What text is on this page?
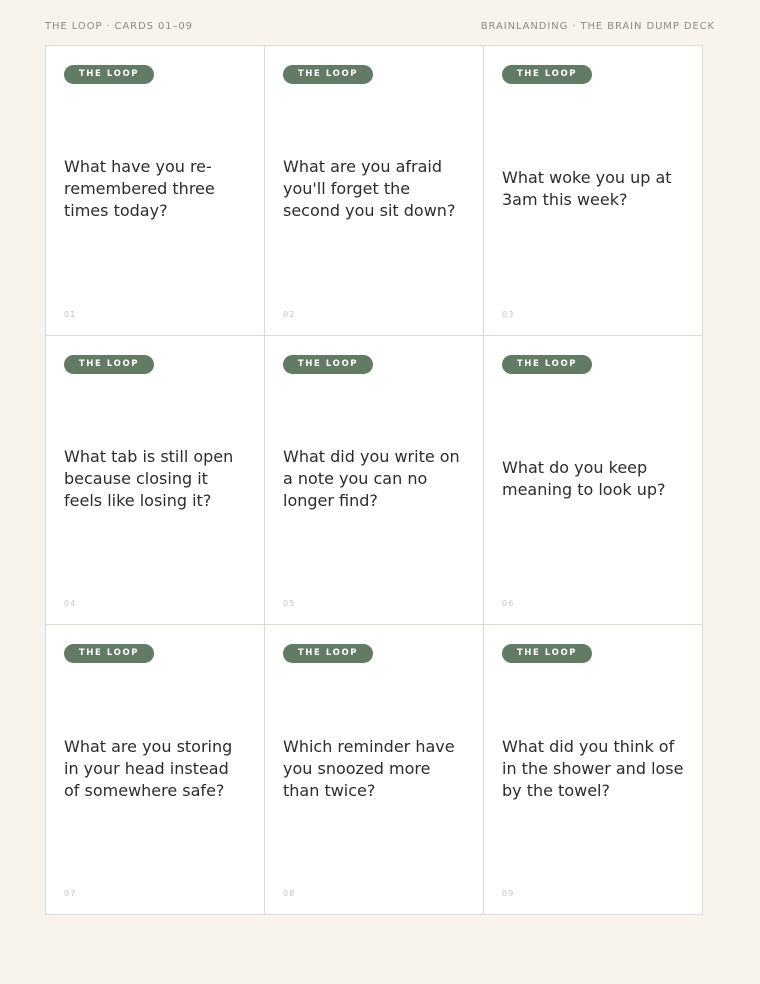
THE LOOP · CARDS 01–09	BRAINLANDING · THE BRAIN DUMP DECK
THE LOOP

What have you re-remembered three times today?

01
THE LOOP

What are you afraid you'll forget the second you sit down?

02
THE LOOP

What woke you up at 3am this week?

03
THE LOOP

What tab is still open because closing it feels like losing it?

04
THE LOOP

What did you write on a note you can no longer find?

05
THE LOOP

What do you keep meaning to look up?

06
THE LOOP

What are you storing in your head instead of somewhere safe?

07
THE LOOP

Which reminder have you snoozed more than twice?

08
THE LOOP

What did you think of in the shower and lose by the towel?

09
